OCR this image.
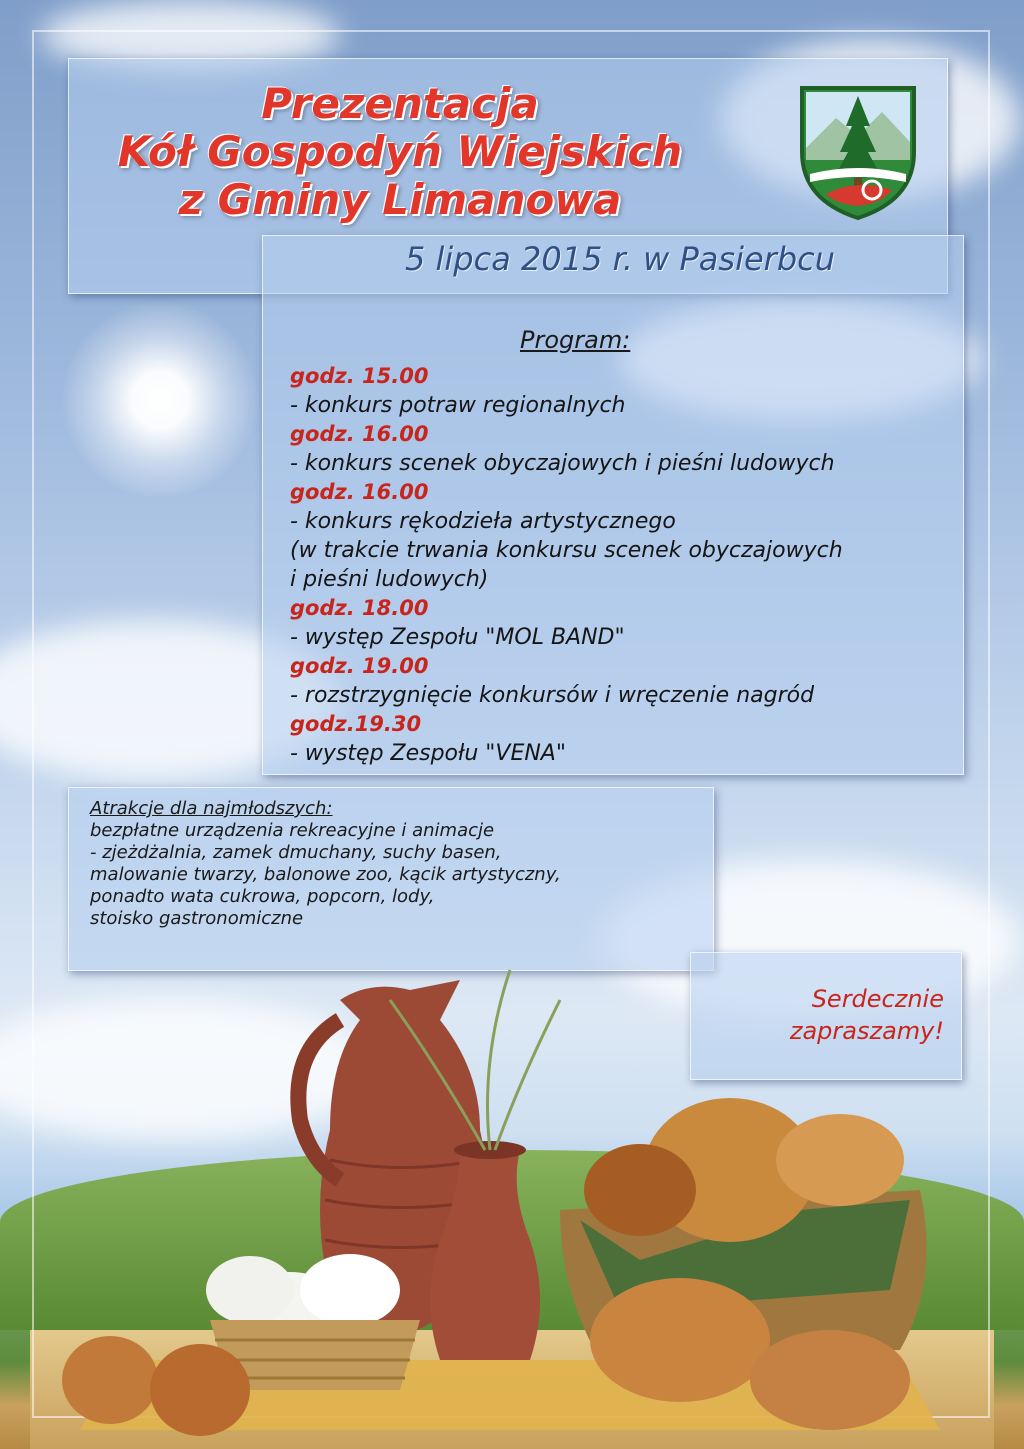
Prezentacja
Kół Gospodyń Wiejskich
z Gminy Limanowa
5 lipca 2015 r. w Pasierbcu
Program:
godz. 15.00
- konkurs potraw regionalnych
godz. 16.00
- konkurs scenek obyczajowych i pieśni ludowych
godz. 16.00
- konkurs rękodzieła artystycznego
(w trakcie trwania konkursu scenek obyczajowych
i pieśni ludowych)
godz. 18.00
- występ Zespołu "MOL BAND"
godz. 19.00
- rozstrzygnięcie konkursów i wręczenie nagród
godz.19.30
- występ Zespołu "VENA"
Atrakcje dla najmłodszych:
bezpłatne urządzenia rekreacyjne i animacje
- zjeżdżalnia, zamek dmuchany, suchy basen,
malowanie twarzy, balonowe zoo, kącik artystyczny,
ponadto wata cukrowa, popcorn, lody,
stoisko gastronomiczne
Serdecznie
zapraszamy!
